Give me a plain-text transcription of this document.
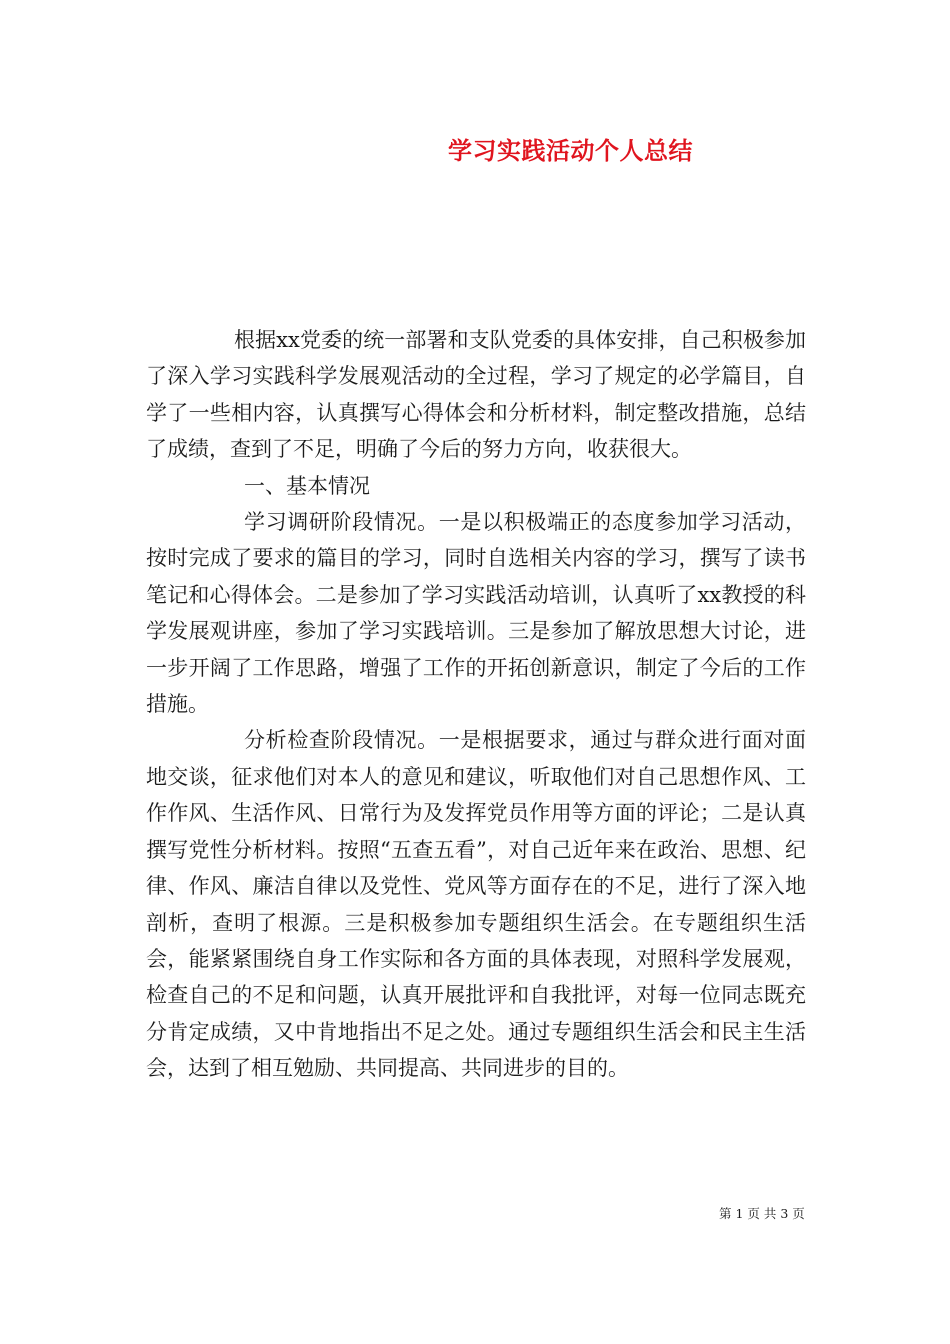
学习实践活动个人总结

根据xx党委的统一部署和支队党委的具体安排，自己积极参加了深入学习实践科学发展观活动的全过程，学习了规定的必学篇目，自学了一些相内容，认真撰写心得体会和分析材料，制定整改措施，总结了成绩，查到了不足，明确了今后的努力方向，收获很大。

一、基本情况

学习调研阶段情况。一是以积极端正的态度参加学习活动，按时完成了要求的篇目的学习，同时自选相关内容的学习，撰写了读书笔记和心得体会。二是参加了学习实践活动培训，认真听了xx教授的科学发展观讲座，参加了学习实践培训。三是参加了解放思想大讨论，进一步开阔了工作思路，增强了工作的开拓创新意识，制定了今后的工作措施。

分析检查阶段情况。一是根据要求，通过与群众进行面对面地交谈，征求他们对本人的意见和建议，听取他们对自己思想作风、工作作风、生活作风、日常行为及发挥党员作用等方面的评论；二是认真撰写党性分析材料。按照“五查五看”，对自己近年来在政治、思想、纪律、作风、廉洁自律以及党性、党风等方面存在的不足，进行了深入地剖析，查明了根源。三是积极参加专题组织生活会。在专题组织生活会，能紧紧围绕自身工作实际和各方面的具体表现，对照科学发展观，检查自己的不足和问题，认真开展批评和自我批评，对每一位同志既充分肯定成绩，又中肯地指出不足之处。通过专题组织生活会和民主生活会，达到了相互勉励、共同提高、共同进步的目的。

第 1 页 共 3 页
